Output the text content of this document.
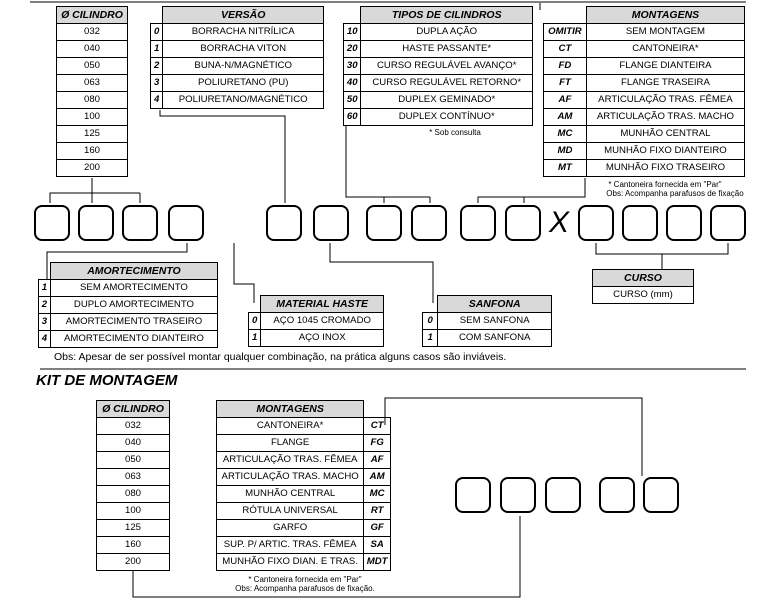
Ø CILINDRO
032
040
050
063
080
100
125
160
200
	VERSÃO
0	BORRACHA NITRÍLICA
1	BORRACHA VITON
2	BUNA-N/MAGNÉTICO
3	POLIURETANO (PU)
4	POLIURETANO/MAGNÉTICO
	TIPOS DE CILINDROS
10	DUPLA AÇÃO
20	HASTE PASSANTE*
30	CURSO REGULÁVEL AVANÇO*
40	CURSO REGULÁVEL RETORNO*
50	DUPLEX GEMINADO*
60	DUPLEX CONTÍNUO*
* Sob consulta
	MONTAGENS
OMITIR	SEM MONTAGEM
CT	CANTONEIRA*
FD	FLANGE DIANTEIRA
FT	FLANGE TRASEIRA
AF	ARTICULAÇÃO TRAS. FÊMEA
AM	ARTICULAÇÃO TRAS. MACHO
MC	MUNHÃO CENTRAL
MD	MUNHÃO FIXO DIANTEIRO
MT	MUNHÃO FIXO TRASEIRO
* Cantoneira fornecida em "Par"
Obs: Acompanha parafusos de fixação
X
	AMORTECIMENTO
1	SEM AMORTECIMENTO
2	DUPLO AMORTECIMENTO
3	AMORTECIMENTO TRASEIRO
4	AMORTECIMENTO DIANTEIRO
	MATERIAL HASTE
0	AÇO 1045 CROMADO
1	AÇO INOX
	SANFONA
0	SEM SANFONA
1	COM SANFONA
CURSO
CURSO (mm)
Obs: Apesar de ser possível montar qualquer combinação, na prática alguns casos são inviáveis.
KIT DE MONTAGEM
Ø CILINDRO
032
040
050
063
080
100
125
160
200
MONTAGENS	
CANTONEIRA*	CT
FLANGE	FG
ARTICULAÇÃO TRAS. FÊMEA	AF
ARTICULAÇÃO TRAS. MACHO	AM
MUNHÃO CENTRAL	MC
RÓTULA UNIVERSAL	RT
GARFO	GF
SUP. P/ ARTIC. TRAS. FÊMEA	SA
MUNHÃO FIXO DIAN. E TRAS.	MDT
* Cantoneira fornecida em "Par"
Obs: Acompanha parafusos de fixação.
